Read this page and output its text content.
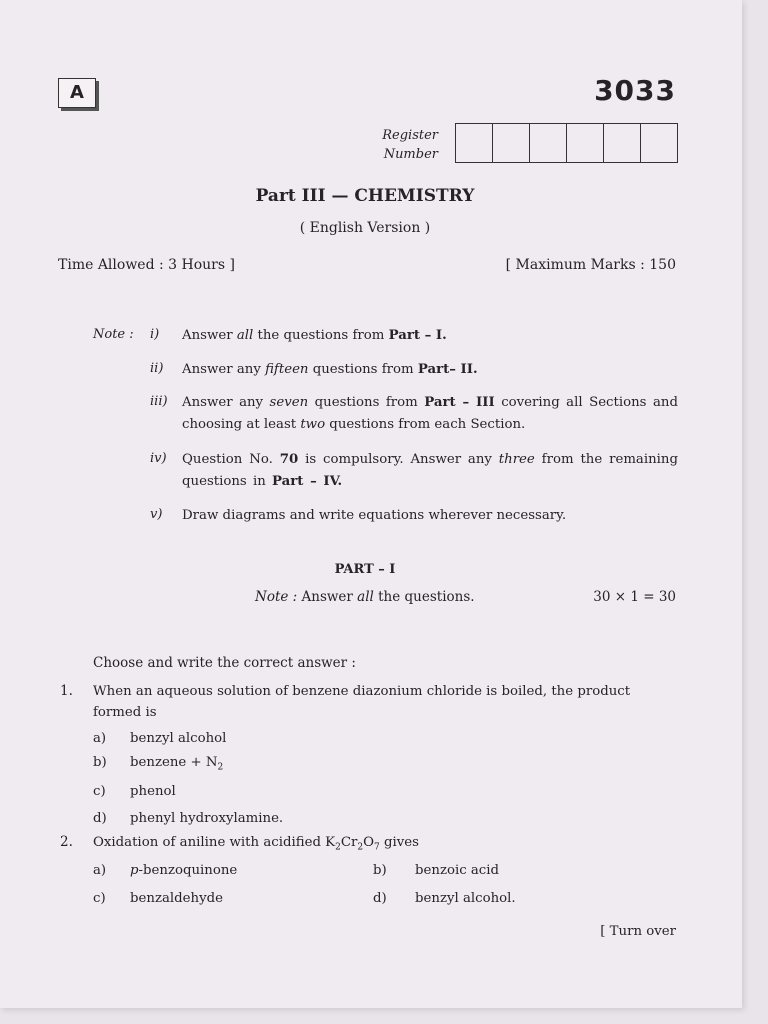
A	3033
Register
Number
Part III — CHEMISTRY
( English Version )
Time Allowed : 3 Hours ]	[ Maximum Marks : 150
Note : i) Answer all the questions from Part – I.
ii) Answer any fifteen questions from Part– II.
iii) Answer any seven questions from Part – III covering all Sections and choosing at least two questions from each Section.
iv) Question No. 70 is compulsory. Answer any three from the remaining questions in Part – IV.
v) Draw diagrams and write equations wherever necessary.
PART – I
Note : Answer all the questions.	30 × 1 = 30
Choose and write the correct answer :
1. When an aqueous solution of benzene diazonium chloride is boiled, the product formed is
a) benzyl alcohol
b) benzene + $N_2$
c) phenol
d) phenyl hydroxylamine.
2. Oxidation of aniline with acidified $K_2Cr_2O_7$ gives
a) p-benzoquinone	b) benzoic acid
c) benzaldehyde	d) benzyl alcohol.
[ Turn over
